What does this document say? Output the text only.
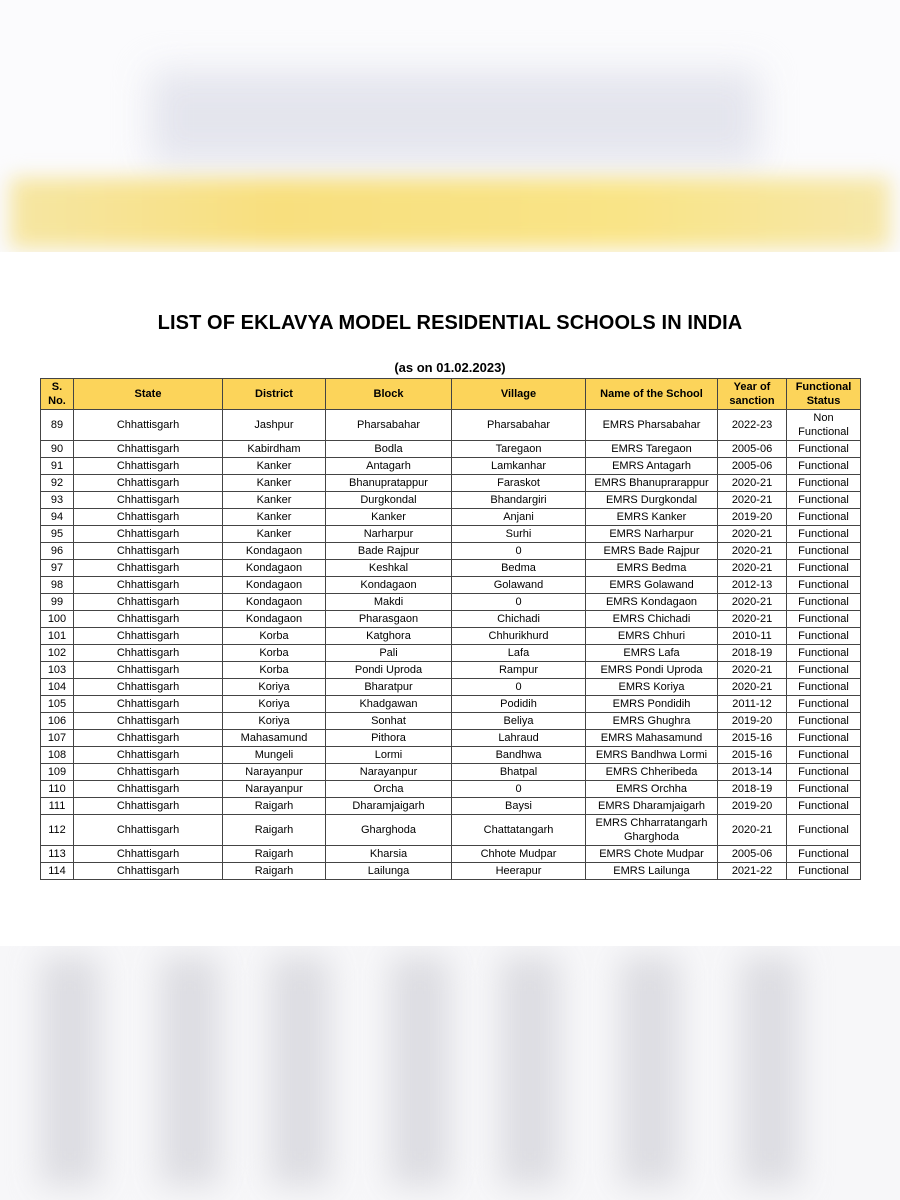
LIST OF EKLAVYA MODEL RESIDENTIAL SCHOOLS IN INDIA
(as on 01.02.2023)
S. No.	State	District	Block	Village	Name of the School	Year of sanction	Functional Status
89	Chhattisgarh	Jashpur	Pharsabahar	Pharsabahar	EMRS Pharsabahar	2022-23	Non Functional
90	Chhattisgarh	Kabirdham	Bodla	Taregaon	EMRS Taregaon	2005-06	Functional
91	Chhattisgarh	Kanker	Antagarh	Lamkanhar	EMRS Antagarh	2005-06	Functional
92	Chhattisgarh	Kanker	Bhanupratappur	Faraskot	EMRS Bhanuprarappur	2020-21	Functional
93	Chhattisgarh	Kanker	Durgkondal	Bhandargiri	EMRS Durgkondal	2020-21	Functional
94	Chhattisgarh	Kanker	Kanker	Anjani	EMRS Kanker	2019-20	Functional
95	Chhattisgarh	Kanker	Narharpur	Surhi	EMRS Narharpur	2020-21	Functional
96	Chhattisgarh	Kondagaon	Bade Rajpur	0	EMRS Bade Rajpur	2020-21	Functional
97	Chhattisgarh	Kondagaon	Keshkal	Bedma	EMRS Bedma	2020-21	Functional
98	Chhattisgarh	Kondagaon	Kondagaon	Golawand	EMRS Golawand	2012-13	Functional
99	Chhattisgarh	Kondagaon	Makdi	0	EMRS Kondagaon	2020-21	Functional
100	Chhattisgarh	Kondagaon	Pharasgaon	Chichadi	EMRS Chichadi	2020-21	Functional
101	Chhattisgarh	Korba	Katghora	Chhurikhurd	EMRS Chhuri	2010-11	Functional
102	Chhattisgarh	Korba	Pali	Lafa	EMRS Lafa	2018-19	Functional
103	Chhattisgarh	Korba	Pondi Uproda	Rampur	EMRS Pondi Uproda	2020-21	Functional
104	Chhattisgarh	Koriya	Bharatpur	0	EMRS Koriya	2020-21	Functional
105	Chhattisgarh	Koriya	Khadgawan	Podidih	EMRS Pondidih	2011-12	Functional
106	Chhattisgarh	Koriya	Sonhat	Beliya	EMRS Ghughra	2019-20	Functional
107	Chhattisgarh	Mahasamund	Pithora	Lahraud	EMRS Mahasamund	2015-16	Functional
108	Chhattisgarh	Mungeli	Lormi	Bandhwa	EMRS Bandhwa Lormi	2015-16	Functional
109	Chhattisgarh	Narayanpur	Narayanpur	Bhatpal	EMRS Chheribeda	2013-14	Functional
110	Chhattisgarh	Narayanpur	Orcha	0	EMRS Orchha	2018-19	Functional
111	Chhattisgarh	Raigarh	Dharamjaigarh	Baysi	EMRS Dharamjaigarh	2019-20	Functional
112	Chhattisgarh	Raigarh	Gharghoda	Chattatangarh	EMRS Chharratangarh Gharghoda	2020-21	Functional
113	Chhattisgarh	Raigarh	Kharsia	Chhote Mudpar	EMRS Chote Mudpar	2005-06	Functional
114	Chhattisgarh	Raigarh	Lailunga	Heerapur	EMRS Lailunga	2021-22	Functional
